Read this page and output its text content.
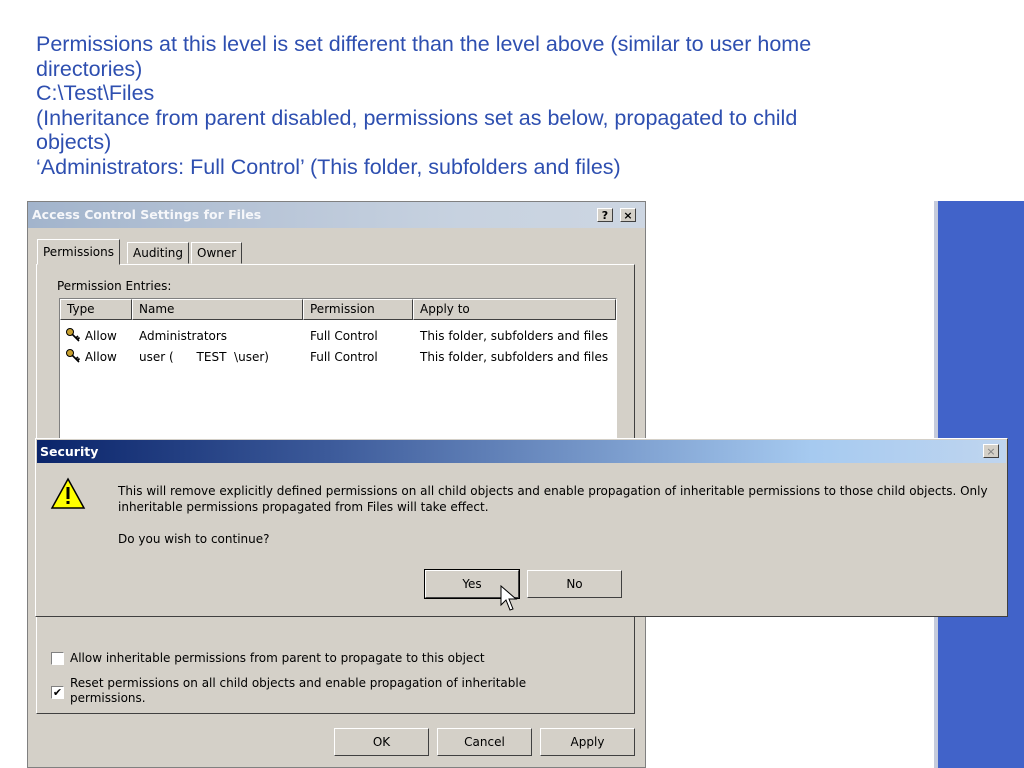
Permissions at this level is set different than the level above (similar to user home
directories)
C:\Test\Files
(Inheritance from parent disabled, permissions set as below, propagated to child
objects)
‘Administrators: Full Control’ (This folder, subfolders and files)
Access Control Settings for Files	?	×
Permissions	Auditing	Owner
Permission Entries:
Type	Name	Permission	Apply to
Allow Administrators	Full Control	This folder, subfolders and files
Allow user (      TEST  \user)	Full Control	This folder, subfolders and files
Allow inheritable permissions from parent to propagate to this object
✔
Reset permissions on all child objects and enable propagation of inheritable
permissions.
OK	Cancel	Apply
Security	×
This will remove explicitly defined permissions on all child objects and enable propagation of inheritable permissions to those child objects. Only
inheritable permissions propagated from Files will take effect.
Do you wish to continue?
Yes	No
